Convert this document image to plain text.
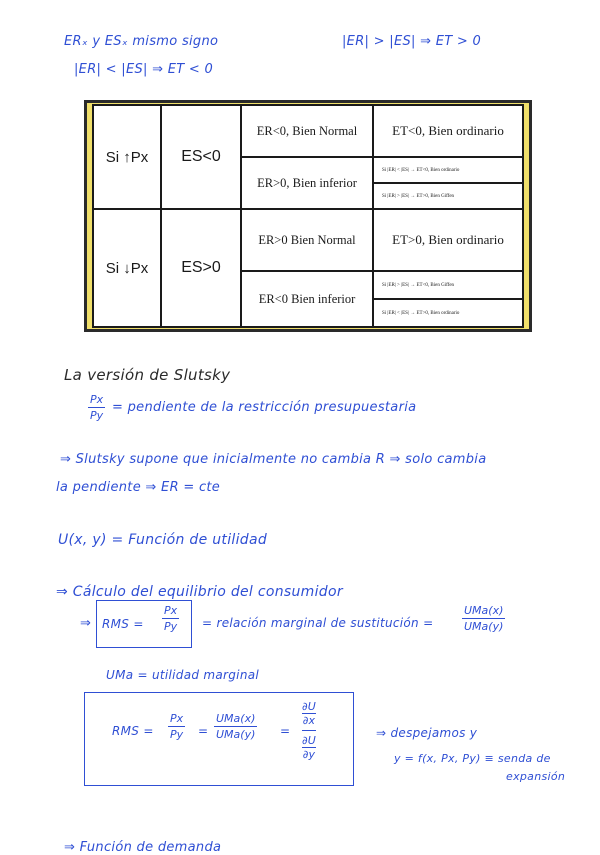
ERₓ y ESₓ mismo signo	|ER| > |ES| ⇒ ET > 0
|ER| < |ES| ⇒ ET < 0
Si ↑Px	ES<0	ER<0, Bien Normal	ET<0, Bien ordinario
		ER>0, Bien inferior	Si |ER| < |ES| → ET<0, Bien ordinario
			Si |ER| > |ES| → ET>0, Bien Giffen
Si ↓Px	ES>0	ER>0 Bien Normal	ET>0, Bien ordinario
		ER<0 Bien inferior	Si |ER| > |ES| → ET<0, Bien Giffen
			Si |ER| < |ES| → ET>0, Bien ordinario
La versión de Slutsky
$\frac{Px}{Py}$ = pendiente de la restricción presupuestaria
⇒ Slutsky supone que inicialmente no cambia R ⇒ solo cambia
la pendiente ⇒ ER = cte
U(x, y) = Función de utilidad
⇒ Cálculo del equilibrio del consumidor
⇒ RMS = $\frac{Px}{Py}$ = relación marginal de sustitución =
UMa(x)
UMa(y)
UMa = utilidad marginal
RMS = $\frac{Px}{Py}$ =
UMa(x)
UMa(y) = ∂U
∂x
∂U
∂y	⇒ despejamos y
y = f(x, Px, Py) ≡ senda de
expansión
⇒ Función de demanda
